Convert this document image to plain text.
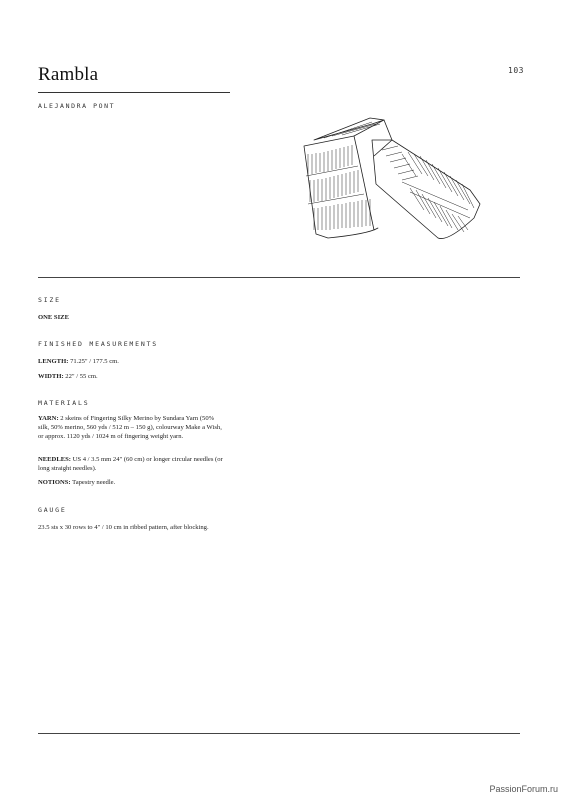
Rambla	103
ALEJANDRA PONT
SIZE
ONE SIZE
FINISHED MEASUREMENTS
LENGTH: 71.25" / 177.5 cm.
WIDTH: 22" / 55 cm.
MATERIALS
YARN: 2 skeins of Fingering Silky Merino by Sundara Yarn (50% silk, 50% merino, 560 yds / 512 m – 150 g), colourway Make a Wish, or approx. 1120 yds / 1024 m of fingering weight yarn.
NEEDLES: US 4 / 3.5 mm 24" (60 cm) or longer circular needles (or long straight needles).
NOTIONS: Tapestry needle.
GAUGE
23.5 sts x 30 rows to 4" / 10 cm in ribbed pattern, after blocking.
PassionForum.ru
